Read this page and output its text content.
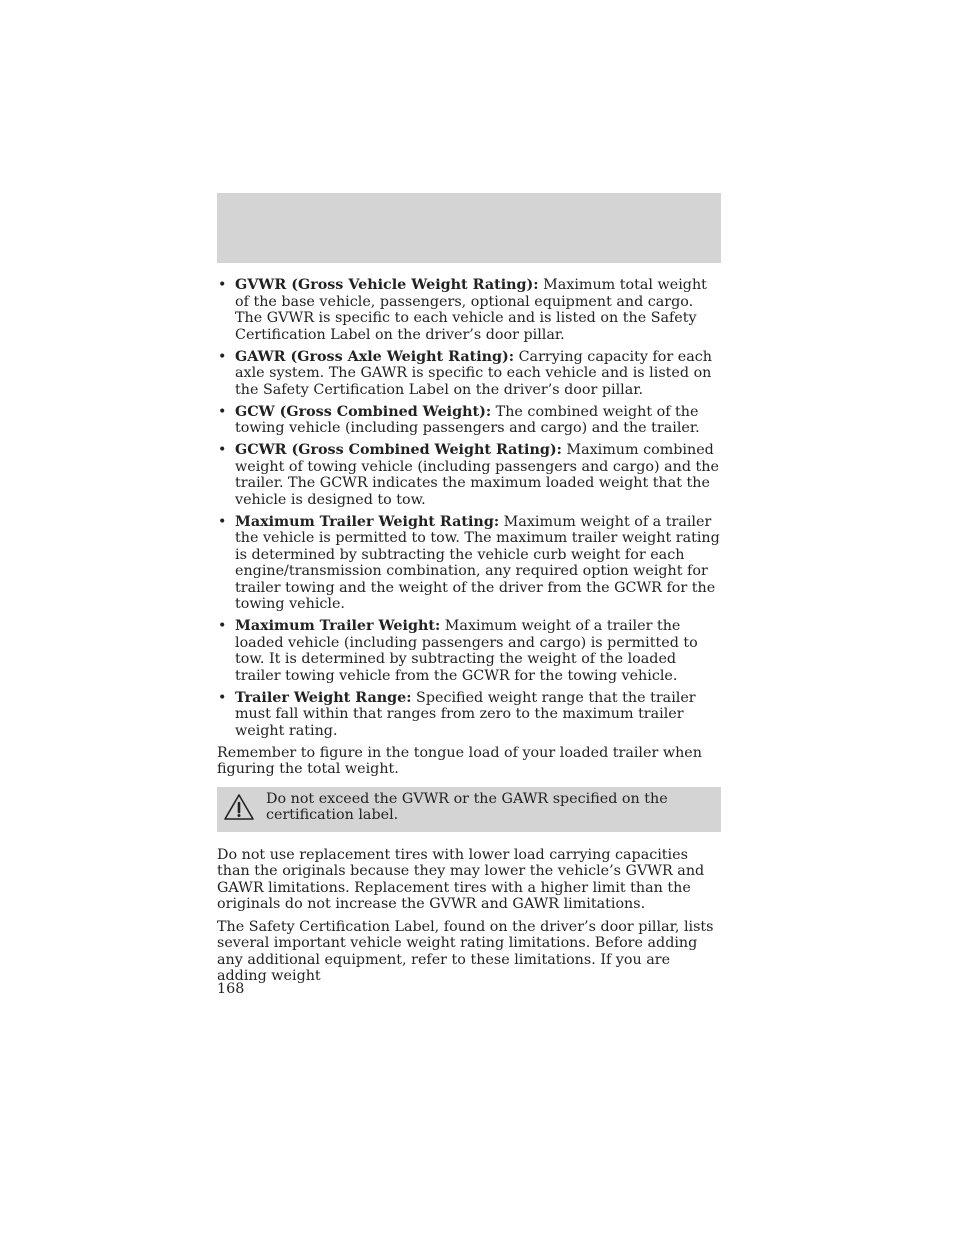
• GVWR (Gross Vehicle Weight Rating): Maximum total weight of the base vehicle, passengers, optional equipment and cargo. The GVWR is specific to each vehicle and is listed on the Safety Certification Label on the driver’s door pillar.
• GAWR (Gross Axle Weight Rating): Carrying capacity for each axle system. The GAWR is specific to each vehicle and is listed on the Safety Certification Label on the driver’s door pillar.
• GCW (Gross Combined Weight): The combined weight of the towing vehicle (including passengers and cargo) and the trailer.
• GCWR (Gross Combined Weight Rating): Maximum combined weight of towing vehicle (including passengers and cargo) and the trailer. The GCWR indicates the maximum loaded weight that the vehicle is designed to tow.
• Maximum Trailer Weight Rating: Maximum weight of a trailer the vehicle is permitted to tow. The maximum trailer weight rating is determined by subtracting the vehicle curb weight for each engine/transmission combination, any required option weight for trailer towing and the weight of the driver from the GCWR for the towing vehicle.
• Maximum Trailer Weight: Maximum weight of a trailer the loaded vehicle (including passengers and cargo) is permitted to tow. It is determined by subtracting the weight of the loaded trailer towing vehicle from the GCWR for the towing vehicle.
• Trailer Weight Range: Specified weight range that the trailer must fall within that ranges from zero to the maximum trailer weight rating.

Remember to figure in the tongue load of your loaded trailer when figuring the total weight.

Do not exceed the GVWR or the GAWR specified on the certification label.

Do not use replacement tires with lower load carrying capacities than the originals because they may lower the vehicle’s GVWR and GAWR limitations. Replacement tires with a higher limit than the originals do not increase the GVWR and GAWR limitations.

The Safety Certification Label, found on the driver’s door pillar, lists several important vehicle weight rating limitations. Before adding any additional equipment, refer to these limitations. If you are adding weight

168
